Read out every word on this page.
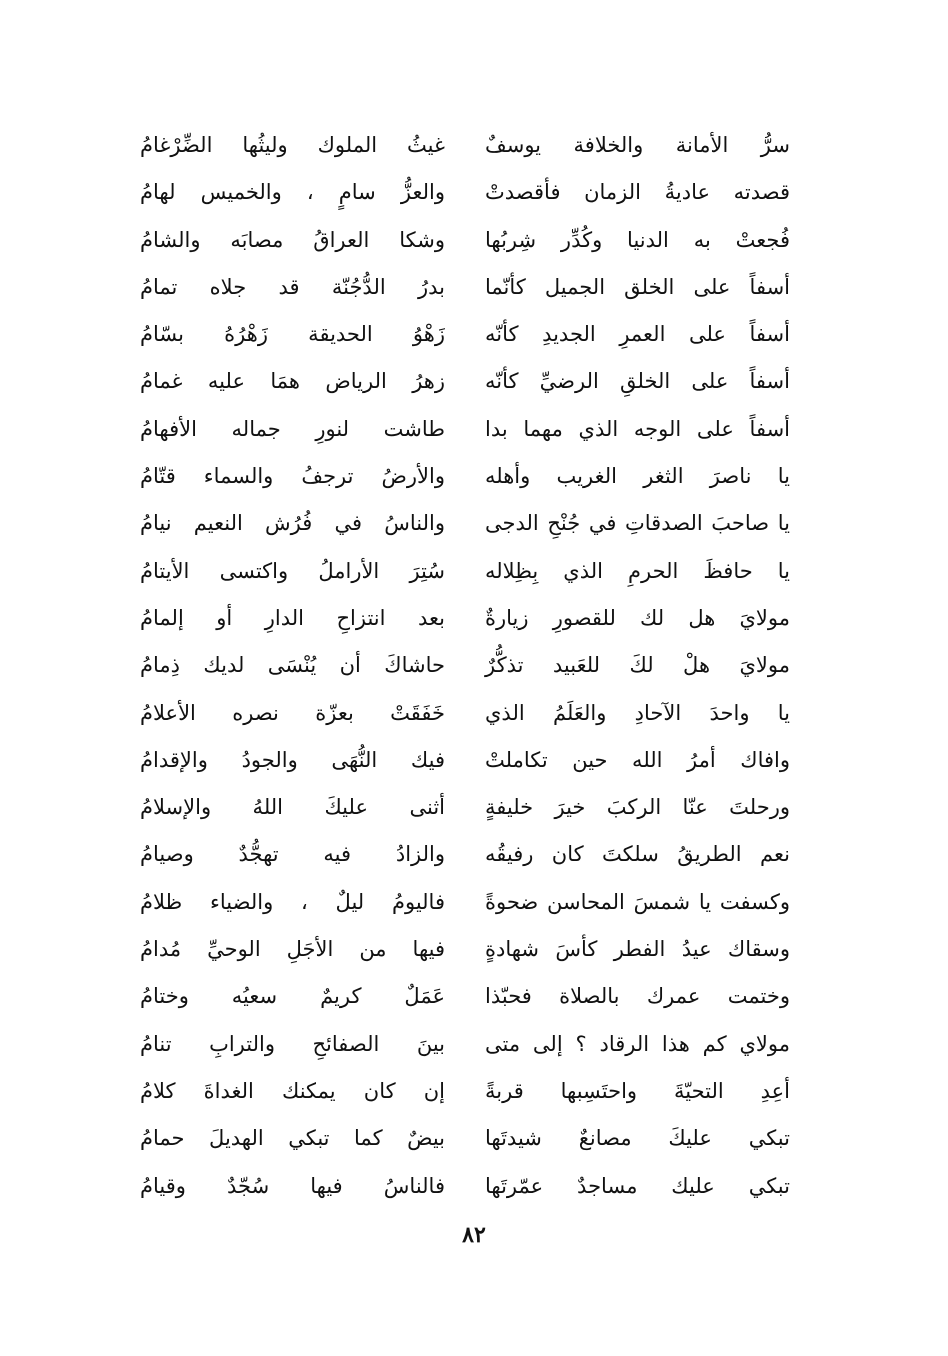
سرُّ الأمانة والخلافة يوسفٌ
غيثُ الملوك وليثُها الضِّرْغامُ
قصدته عاديةُ الزمان فأقصدتْ
والعزُّ سامٍ ، والخميس لهامُ
فُجعتْ به الدنيا وكُدِّر شِربُها
وشكا العراقُ مصابَه والشامُ
أسفاً على الخلق الجميل كأنّما
بدرُ الدُّجُنّة قد جلاه تمامُ
أسفاً على العمرِ الجديدِ كأنّه
زَهْوُ الحديقة زَهْرُهُ بسّامُ
أسفاً على الخلقِ الرضيِّ كأنّه
زهرُ الرياض همَا عليه غمامُ
أسفاً على الوجه الذي مهما بدا
طاشت لنورِ جماله الأفهامُ
يا ناصرَ الثغر الغريب وأهله
والأرضُ ترجفُ والسماء قتّامُ
يا صاحبَ الصدقاتِ في جُنْحِ الدجى
والناسُ في فُرُش النعيم نيامُ
يا حافظَ الحرمِ الذي بِظِلاله
سُتِرَ الأراملُ واكتسى الأيتامُ
مولايَ هل لك للقصورِ زيارةٌ
بعد انتزاحِ الدارِ أو إلمامُ
مولايَ هلْ لكَ للعَبيد تذكُّرٌ
حاشاكَ أن يُنْسَى لديك ذِمامُ
يا واحدَ الآحادِ والعَلَمُ الذي
خَفَقَتْ بعزّة نصره الأعلامُ
وافاك أمرُ الله حين تكاملتْ
فيك النُّهَى والجودُ والإقدامُ
ورحلتَ عنّا الركبَ خيرَ خليفةٍ
أثنى عليكَ اللهُ والإسلامُ
نعم الطريقُ سلكتَ كان رفيقُه
والزادُ فيه تهجُّدٌ وصيامُ
وكسفت يا شمسَ المحاسن ضحوةً
فاليومُ ليلٌ ، والضياء ظلامُ
وسقاك عيدُ الفطر كأسَ شهادةٍ
فيها من الأجَلِ الوحيِّ مُدامُ
وختمت عمرك بالصلاة فحبّذا
عَمَلٌ كريمٌ سعيُه وختامُ
مولاي كم هذا الرقاد ؟ إلى متى
بينَ الصفائحِ والترابِ تنامُ
أعِدِ التحيّةَ واحتَسِبها قربةً
إن كان يمكنك الغداةَ كلامُ
تبكي عليكَ مصانعٌ شيدتَها
بيضٌ كما تبكي الهديلَ حمامُ
تبكي عليك مساجدٌ عمّرتَها
فالناسُ فيها سُجّدٌ وقيامُ
٨٢
